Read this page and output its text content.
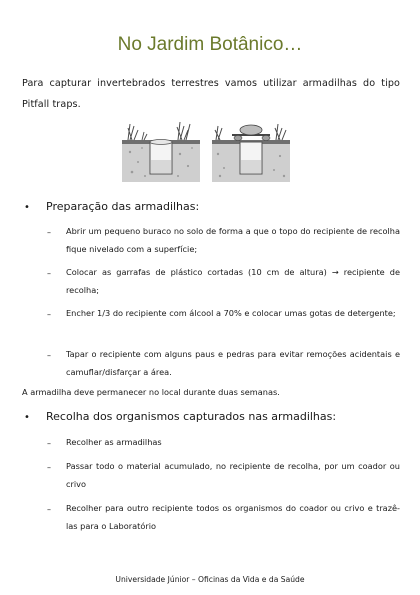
No Jardim Botânico…
Para capturar invertebrados terrestres vamos utilizar armadilhas do tipo Pitfall traps.
• Preparação das armadilhas:
– Abrir um pequeno buraco no solo de forma a que o topo do recipiente de recolha fique nivelado com a superfície;
– Colocar as garrafas de plástico cortadas (10 cm de altura) → recipiente de recolha;
– Encher 1/3 do recipiente com álcool a 70% e colocar umas gotas de detergente;
– Tapar o recipiente com alguns paus e pedras para evitar remoções acidentais e camuflar/disfarçar a área.
A armadilha deve permanecer no local durante duas semanas.
• Recolha dos organismos capturados nas armadilhas:
– Recolher as armadilhas
– Passar todo o material acumulado, no recipiente de recolha, por um coador ou crivo
– Recolher para outro recipiente todos os organismos do coador ou crivo e trazê-las para o Laboratório
Universidade Júnior – Oficinas da Vida e da Saúde
